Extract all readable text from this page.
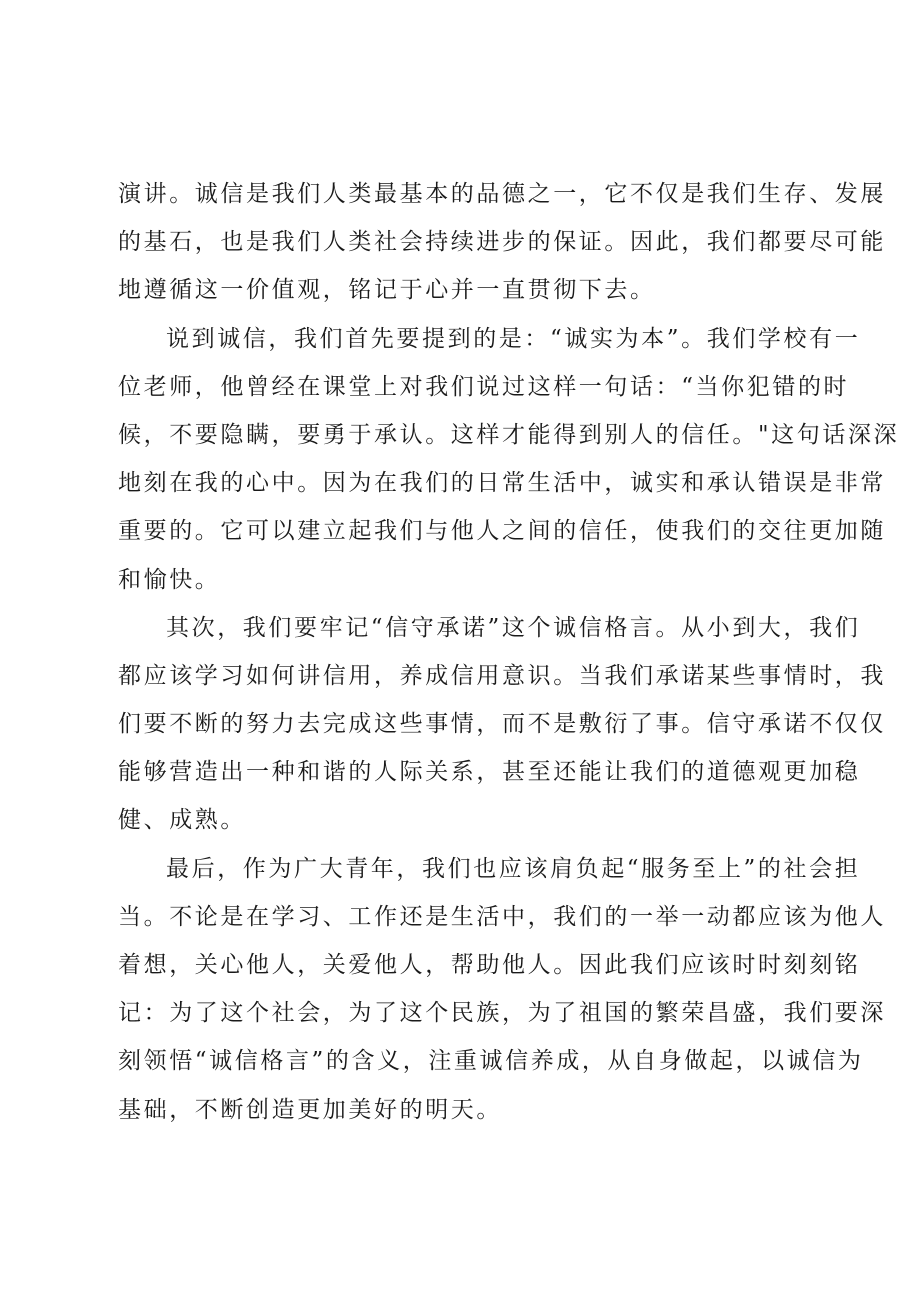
演讲。诚信是我们人类最基本的品德之一，它不仅是我们生存、发展
的基石，也是我们人类社会持续进步的保证。因此，我们都要尽可能
地遵循这一价值观，铭记于心并一直贯彻下去。
说到诚信，我们首先要提到的是：“诚实为本”。我们学校有一
位老师，他曾经在课堂上对我们说过这样一句话：“当你犯错的时
候，不要隐瞒，要勇于承认。这样才能得到别人的信任。"这句话深深
地刻在我的心中。因为在我们的日常生活中，诚实和承认错误是非常
重要的。它可以建立起我们与他人之间的信任，使我们的交往更加随
和愉快。
其次，我们要牢记“信守承诺”这个诚信格言。从小到大，我们
都应该学习如何讲信用，养成信用意识。当我们承诺某些事情时，我
们要不断的努力去完成这些事情，而不是敷衍了事。信守承诺不仅仅
能够营造出一种和谐的人际关系，甚至还能让我们的道德观更加稳
健、成熟。
最后，作为广大青年，我们也应该肩负起“服务至上”的社会担
当。不论是在学习、工作还是生活中，我们的一举一动都应该为他人
着想，关心他人，关爱他人，帮助他人。因此我们应该时时刻刻铭
记：为了这个社会，为了这个民族，为了祖国的繁荣昌盛，我们要深
刻领悟“诚信格言”的含义，注重诚信养成，从自身做起，以诚信为
基础，不断创造更加美好的明天。
